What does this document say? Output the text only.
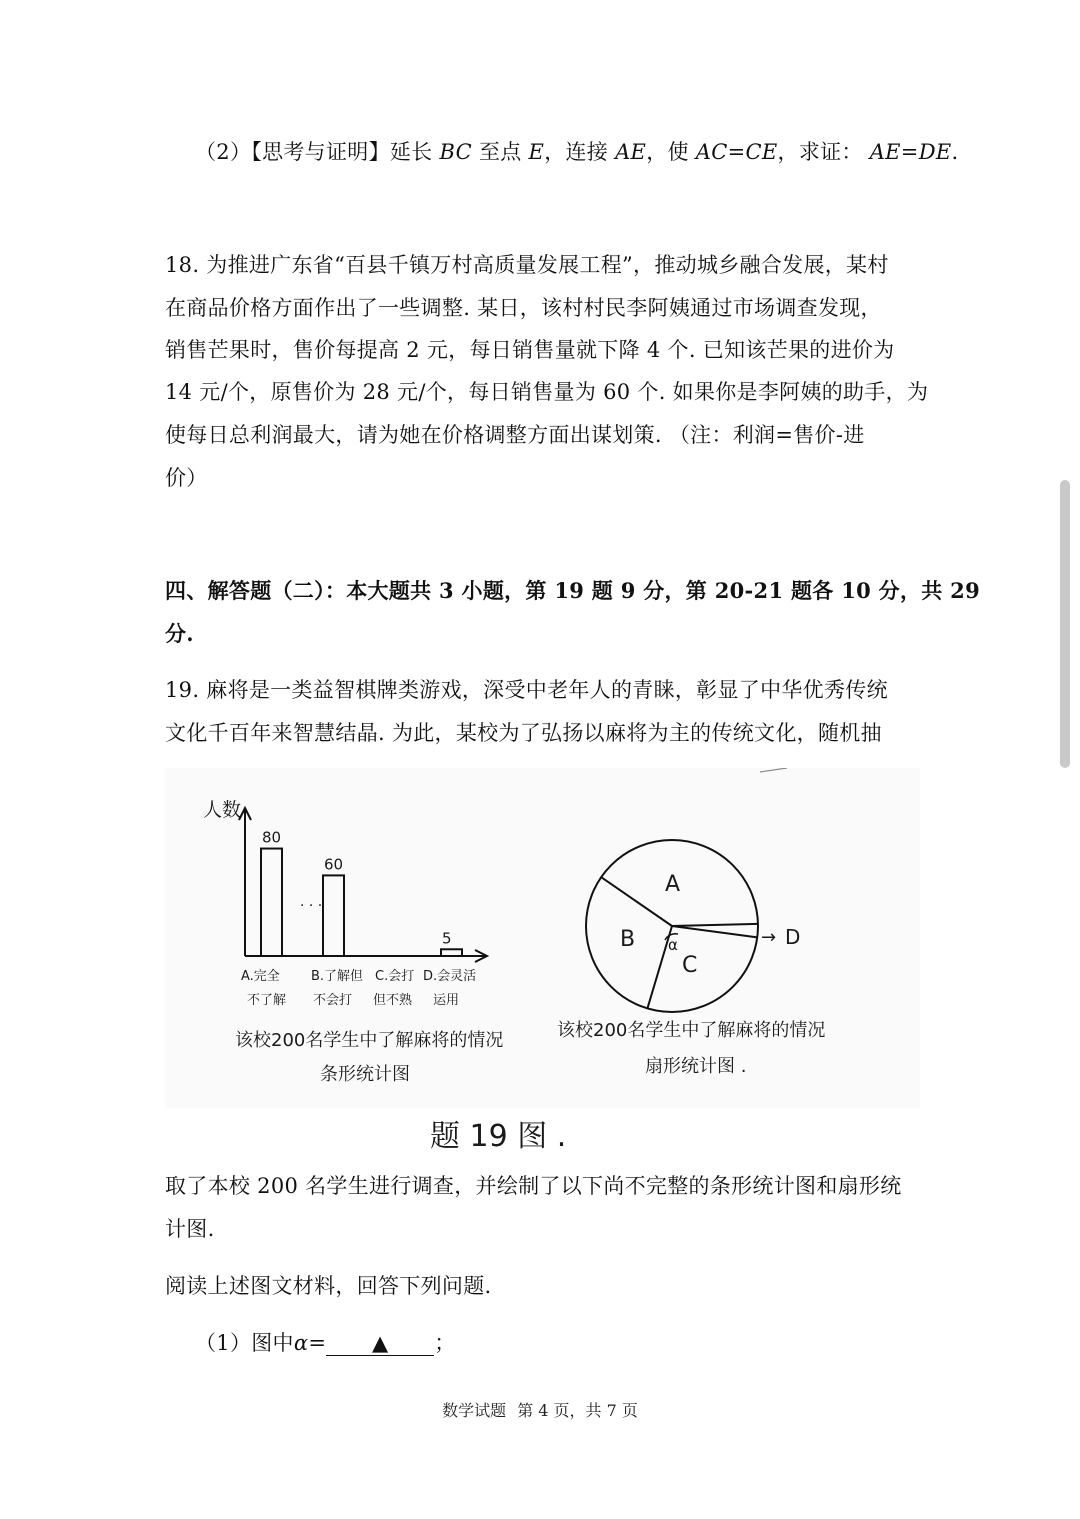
（2）【思考与证明】延长 BC 至点 E，连接 AE，使 AC=CE，求证： AE=DE.
18. 为推进广东省“百县千镇万村高质量发展工程”，推动城乡融合发展，某村
在商品价格方面作出了一些调整. 某日，该村村民李阿姨通过市场调查发现，
销售芒果时，售价每提高 2 元，每日销售量就下降 4 个. 已知该芒果的进价为
14 元/个，原售价为 28 元/个，每日销售量为 60 个. 如果你是李阿姨的助手，为
使每日总利润最大，请为她在价格调整方面出谋划策. （注：利润=售价-进
价）
四、解答题（二）：本大题共 3 小题，第 19 题 9 分，第 20-21 题各 10 分，共 29
分.
19. 麻将是一类益智棋牌类游戏，深受中老年人的青睐，彰显了中华优秀传统
文化千百年来智慧结晶. 为此，某校为了弘扬以麻将为主的传统文化，随机抽
人数
80
60
5
· · ·
A.完全 B.了解但 C.会打 D.会灵活
不了解 不会打 但不熟 运用
该校200名学生中了解麻将的情况
条形统计图
A
B
C
α	→ D
该校200名学生中了解麻将的情况
扇形统计图 .
题 19 图 .
取了本校 200 名学生进行调查，并绘制了以下尚不完整的条形统计图和扇形统
计图.
阅读上述图文材料，回答下列问题.
（1）图中α= ▲ ；
数学试题 第 4 页，共 7 页
